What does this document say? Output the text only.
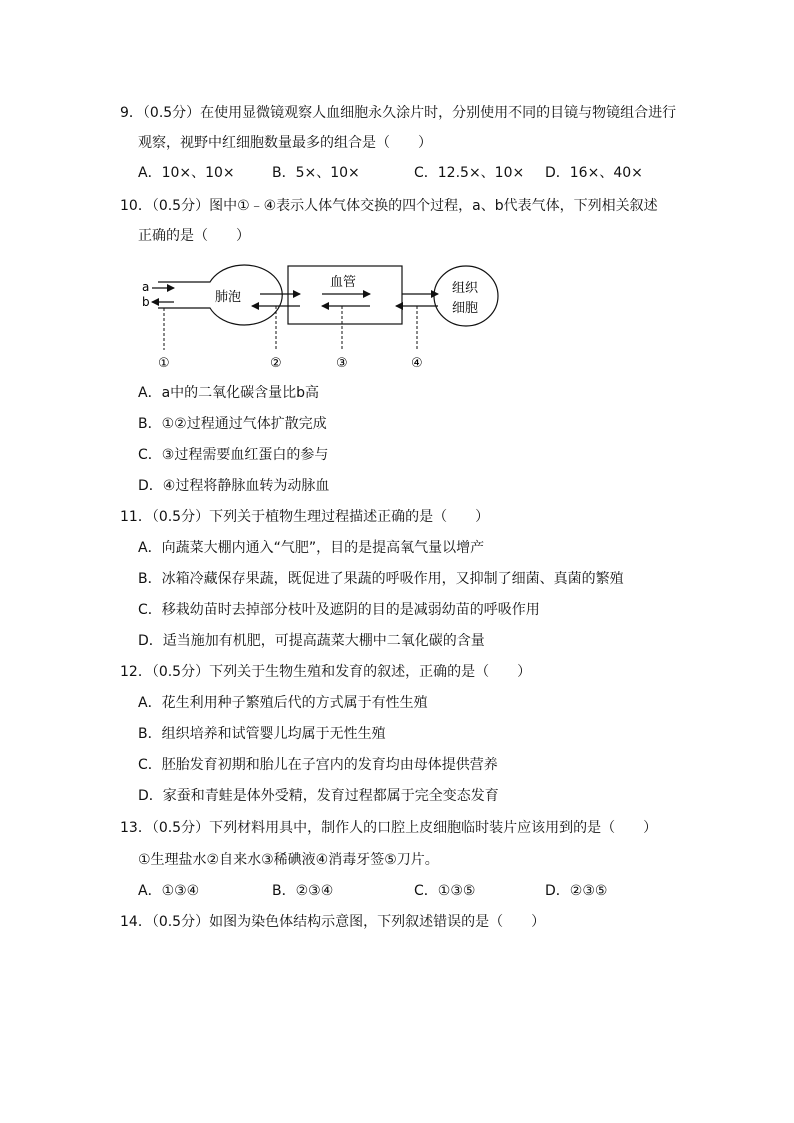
9．（0.5分）在使用显微镜观察人血细胞永久涂片时，分别使用不同的目镜与物镜组合进行
观察，视野中红细胞数量最多的组合是（　　）
A．10×、10×	B．5×、10×	C．12.5×、10× D．16×、40×
10．（0.5分）图中①﹣④表示人体气体交换的四个过程，a、b代表气体，下列相关叙述
正确的是（　　）
a
b	肺泡
血管	组织
细胞
①	②	③	④
A．a中的二氧化碳含量比b高
B．①②过程通过气体扩散完成
C．③过程需要血红蛋白的参与
D．④过程将静脉血转为动脉血
11．（0.5分）下列关于植物生理过程描述正确的是（　　）
A．向蔬菜大棚内通入“气肥”，目的是提高氧气量以增产
B．冰箱冷藏保存果蔬，既促进了果蔬的呼吸作用，又抑制了细菌、真菌的繁殖
C．移栽幼苗时去掉部分枝叶及遮阴的目的是减弱幼苗的呼吸作用
D．适当施加有机肥，可提高蔬菜大棚中二氧化碳的含量
12．（0.5分）下列关于生物生殖和发育的叙述，正确的是（　　）
A．花生利用种子繁殖后代的方式属于有性生殖
B．组织培养和试管婴儿均属于无性生殖
C．胚胎发育初期和胎儿在子宫内的发育均由母体提供营养
D．家蚕和青蛙是体外受精，发育过程都属于完全变态发育
13．（0.5分）下列材料用具中，制作人的口腔上皮细胞临时装片应该用到的是（　　）
①生理盐水②自来水③稀碘液④消毒牙签⑤刀片。
A．①③④	B．②③④	C．①③⑤	D．②③⑤
14．（0.5分）如图为染色体结构示意图，下列叙述错误的是（　　）
